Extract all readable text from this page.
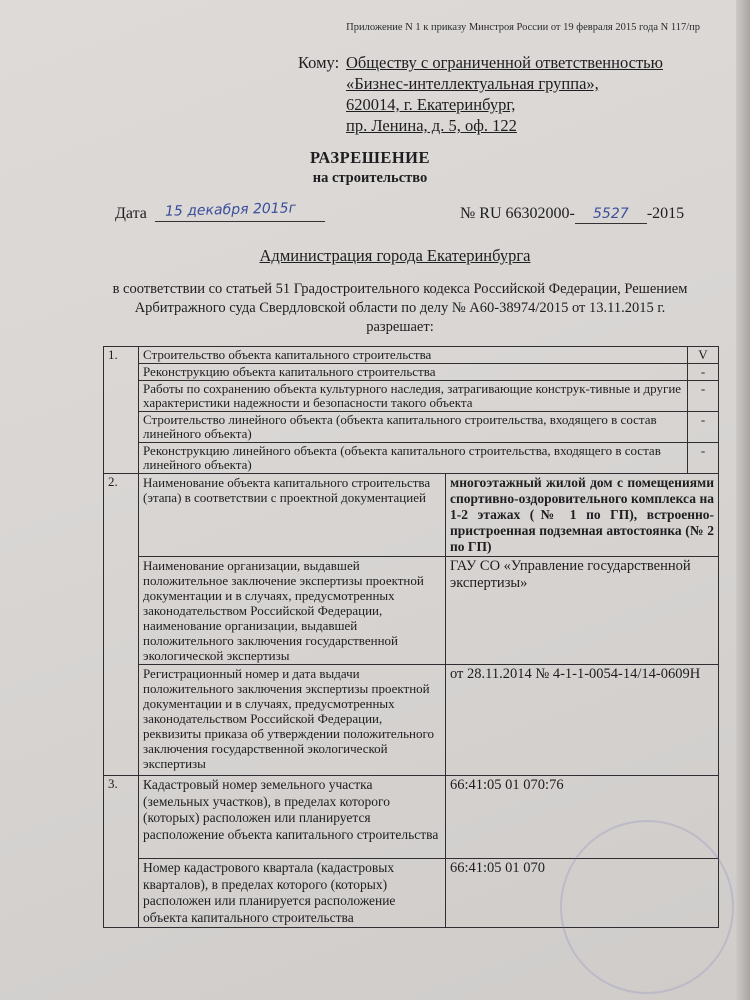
Приложение N 1 к приказу Минстроя России от 19 февраля 2015 года N 117/пр
Кому: Обществу с ограниченной ответственностью
«Бизнес-интеллектуальная группа»,
620014, г. Екатеринбург,
пр. Ленина, д. 5, оф. 122
РАЗРЕШЕНИЕ
на строительство
Дата 15 декабря 2015г	№ RU 66302000- 5527 -2015
Администрация города Екатеринбурга
в соответствии со статьей 51 Градостроительного кодекса Российской Федерации, Решением
Арбитражного суда Свердловской области по делу № А60-38974/2015 от 13.11.2015 г.
разрешает:
1.	Строительство объекта капитального строительства		V
	Реконструкцию объекта капитального строительства		-
	Работы по сохранению объекта культурного наследия, затрагивающие конструк-тивные и другие характеристики надежности и безопасности такого объекта		-
	Строительство линейного объекта (объекта капитального строительства, входящего в состав линейного объекта)		-
	Реконструкцию линейного объекта (объекта капитального строительства, входящего в состав линейного объекта)		-
2.	Наименование объекта капитального строительства (этапа) в соответствии с проектной документацией	многоэтажный жилой дом с помещениями спортивно-оздоровительного комплекса на 1-2 этажах (№ 1 по ГП), встроенно-пристроенная подземная автостоянка (№ 2 по ГП)	
	Наименование организации, выдавшей положительное заключение экспертизы проектной документации и в случаях, предусмотренных законодательством Российской Федерации, наименование организации, выдавшей положительного заключения государственной экологической экспертизы	ГАУ СО «Управление государственной экспертизы»	
	Регистрационный номер и дата выдачи положительного заключения экспертизы проектной документации и в случаях, предусмотренных законодательством Российской Федерации, реквизиты приказа об утверждении положительного заключения государственной экологической экспертизы	от 28.11.2014 № 4-1-1-0054-14/14-0609Н	
3.	Кадастровый номер земельного участка (земельных участков), в пределах которого (которых) расположен или планируется расположение объекта капитального строительства	66:41:05 01 070:76	
	Номер кадастрового квартала (кадастровых кварталов), в пределах которого (которых) расположен или планируется расположение объекта капитального строительства	66:41:05 01 070	
